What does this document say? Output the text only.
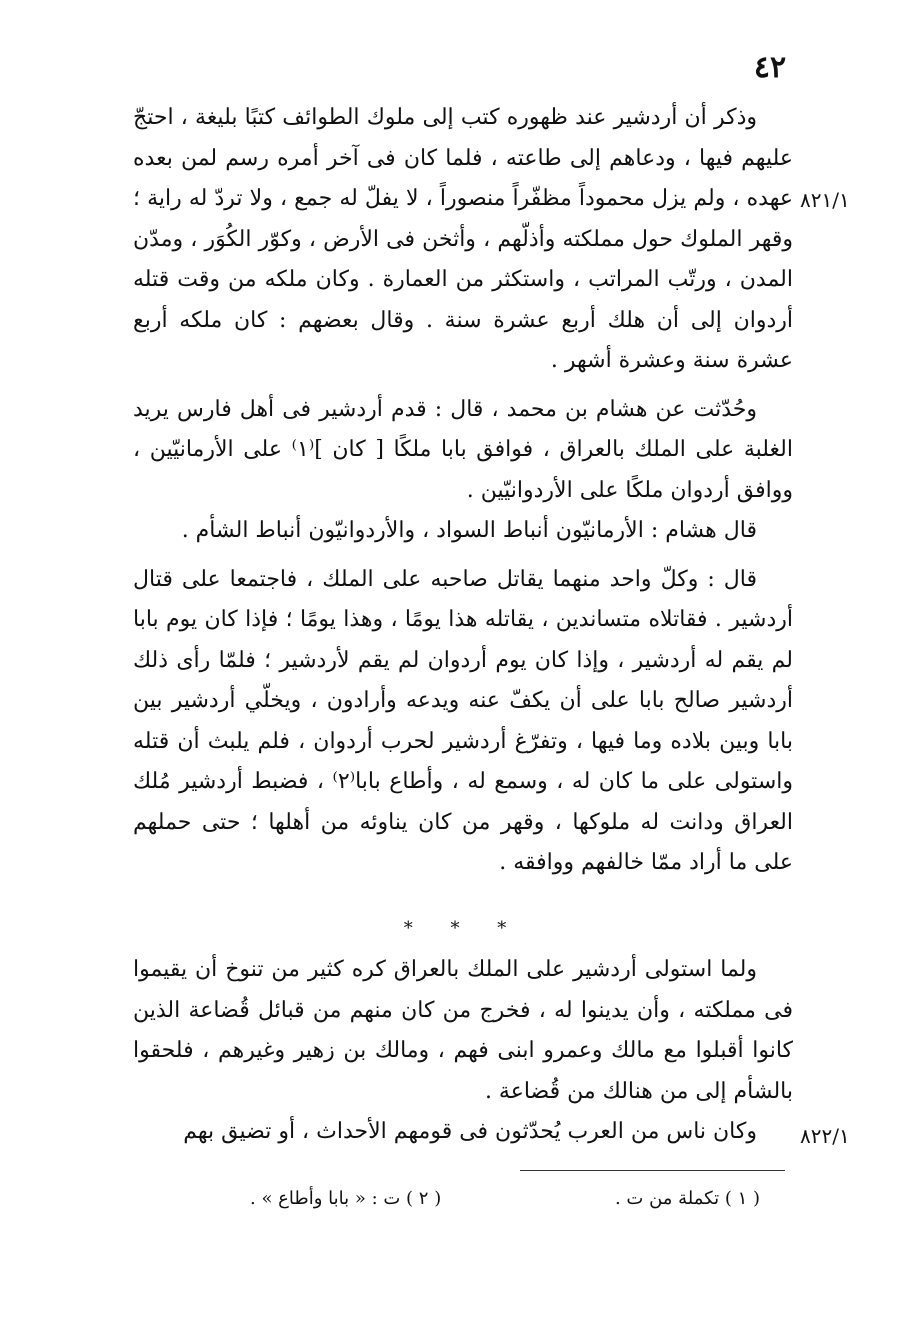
٤٢
٨٢١/١
٨٢٢/١

وذكر أن أردشير عند ظهوره كتب إلى ملوك الطوائف كتبًا بليغة ، احتجّ عليهم فيها ، ودعاهم إلى طاعته ، فلما كان فى آخر أمره رسم لمن بعده عهده ، ولم يزل محموداً مظفّراً منصوراً ، لا يفلّ له جمع ، ولا تردّ له راية ؛ وقهر الملوك حول مملكته وأذلّهم ، وأثخن فى الأرض ، وكوّر الكُوَر ، ومدّن المدن ، ورتّب المراتب ، واستكثر من العمارة . وكان ملكه من وقت قتله أردوان إلى أن هلك أربع عشرة سنة . وقال بعضهم : كان ملكه أربع عشرة سنة وعشرة أشهر .

وحُدّثت عن هشام بن محمد ، قال : قدم أردشير فى أهل فارس يريد الغلبة على الملك بالعراق ، فوافق بابا ملكًا [ كان ]⁽١⁾ على الأرمانيّين ، ووافق أردوان ملكًا على الأردوانيّين .

قال هشام : الأرمانيّون أنباط السواد ، والأردوانيّون أنباط الشأم .

قال : وكلّ واحد منهما يقاتل صاحبه على الملك ، فاجتمعا على قتال أردشير . فقاتلاه متساندين ، يقاتله هذا يومًا ، وهذا يومًا ؛ فإذا كان يوم بابا لم يقم له أردشير ، وإذا كان يوم أردوان لم يقم لأردشير ؛ فلمّا رأى ذلك أردشير صالح بابا على أن يكفّ عنه ويدعه وأرادون ، ويخلّي أردشير بين بابا وبين بلاده وما فيها ، وتفرّغ أردشير لحرب أردوان ، فلم يلبث أن قتله واستولى على ما كان له ، وسمع له ، وأطاع بابا⁽٢⁾ ، فضبط أردشير مُلك العراق ودانت له ملوكها ، وقهر من كان يناوئه من أهلها ؛ حتى حملهم على ما أراد ممّا خالفهم ووافقه .

* * *

ولما استولى أردشير على الملك بالعراق كره كثير من تنوخ أن يقيموا فى مملكته ، وأن يدينوا له ، فخرج من كان منهم من قبائل قُضاعة الذين كانوا أقبلوا مع مالك وعمرو ابنى فهم ، ومالك بن زهير وغيرهم ، فلحقوا بالشأم إلى من هنالك من قُضاعة .

وكان ناس من العرب يُحدّثون فى قومهم الأحداث ، أو تضيق بهم

( ١ ) تكملة من ت .
( ٢ ) ت : « بابا وأطاع » .
